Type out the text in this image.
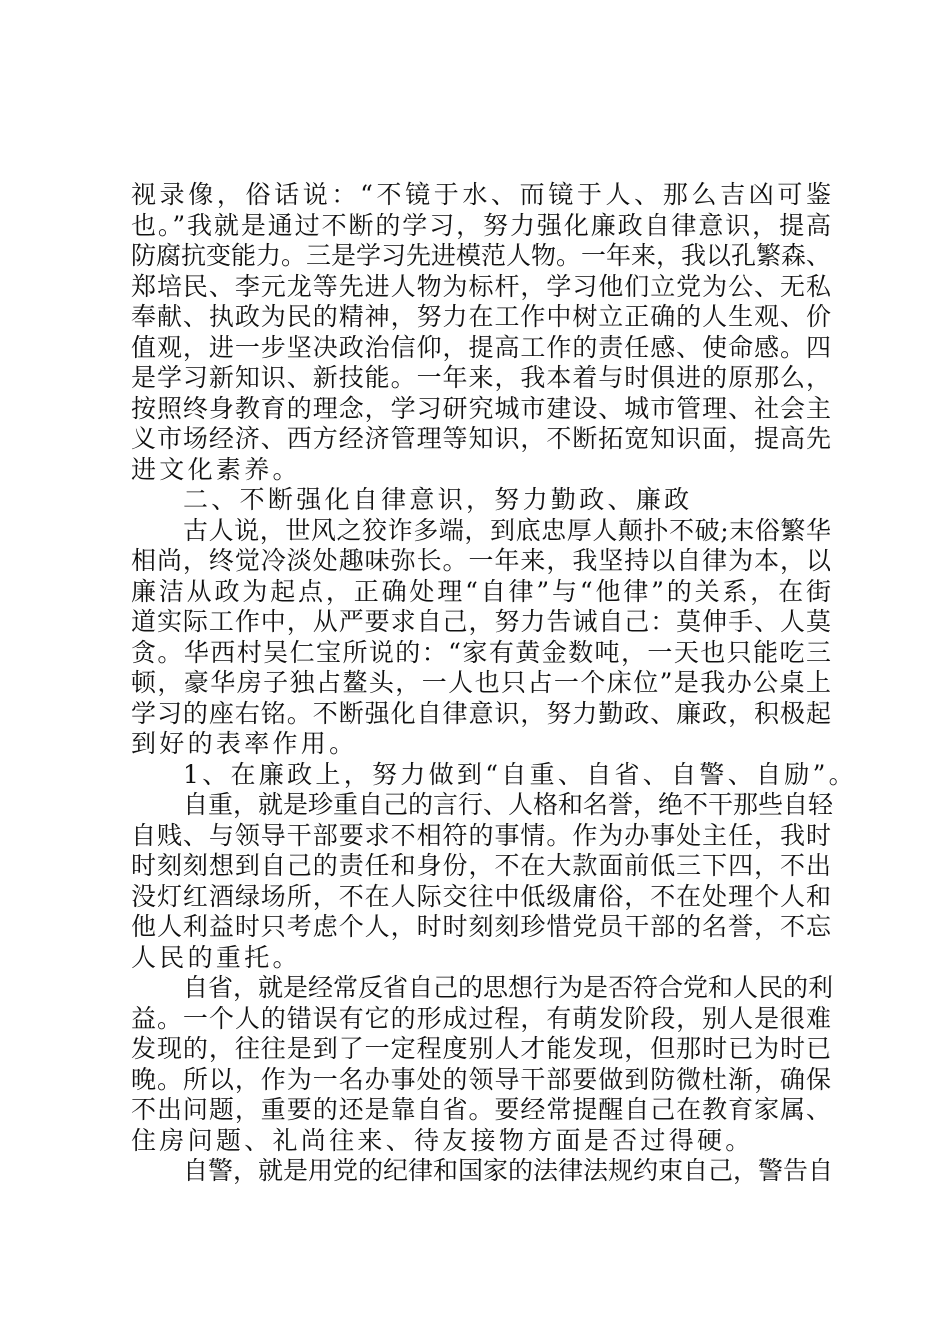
视录像，俗话说：“不镜于水、而镜于人、那么吉凶可鉴
也。”我就是通过不断的学习，努力强化廉政自律意识，提高
防腐抗变能力。三是学习先进模范人物。一年来，我以孔繁森、
郑培民、李元龙等先进人物为标杆，学习他们立党为公、无私
奉献、执政为民的精神，努力在工作中树立正确的人生观、价
值观，进一步坚决政治信仰，提高工作的责任感、使命感。四
是学习新知识、新技能。一年来，我本着与时俱进的原那么，
按照终身教育的理念，学习研究城市建设、城市管理、社会主
义市场经济、西方经济管理等知识，不断拓宽知识面，提高先
进文化素养。
二、不断强化自律意识，努力勤政、廉政
古人说，世风之狡诈多端，到底忠厚人颠扑不破;末俗繁华
相尚，终觉冷淡处趣味弥长。一年来，我坚持以自律为本，以
廉洁从政为起点，正确处理“自律”与“他律”的关系，在街
道实际工作中，从严要求自己，努力告诫自己：莫伸手、人莫
贪。华西村吴仁宝所说的：“家有黄金数吨，一天也只能吃三
顿，豪华房子独占鳌头，一人也只占一个床位”是我办公桌上
学习的座右铭。不断强化自律意识，努力勤政、廉政，积极起
到好的表率作用。
1、在廉政上，努力做到“自重、自省、自警、自励”。
自重，就是珍重自己的言行、人格和名誉，绝不干那些自轻
自贱、与领导干部要求不相符的事情。作为办事处主任，我时
时刻刻想到自己的责任和身份，不在大款面前低三下四，不出
没灯红酒绿场所，不在人际交往中低级庸俗，不在处理个人和
他人利益时只考虑个人，时时刻刻珍惜党员干部的名誉，不忘
人民的重托。
自省，就是经常反省自己的思想行为是否符合党和人民的利
益。一个人的错误有它的形成过程，有萌发阶段，别人是很难
发现的，往往是到了一定程度别人才能发现，但那时已为时已
晚。所以，作为一名办事处的领导干部要做到防微杜渐，确保
不出问题，重要的还是靠自省。要经常提醒自己在教育家属、
住房问题、礼尚往来、待友接物方面是否过得硬。
自警，就是用党的纪律和国家的法律法规约束自己，警告自
